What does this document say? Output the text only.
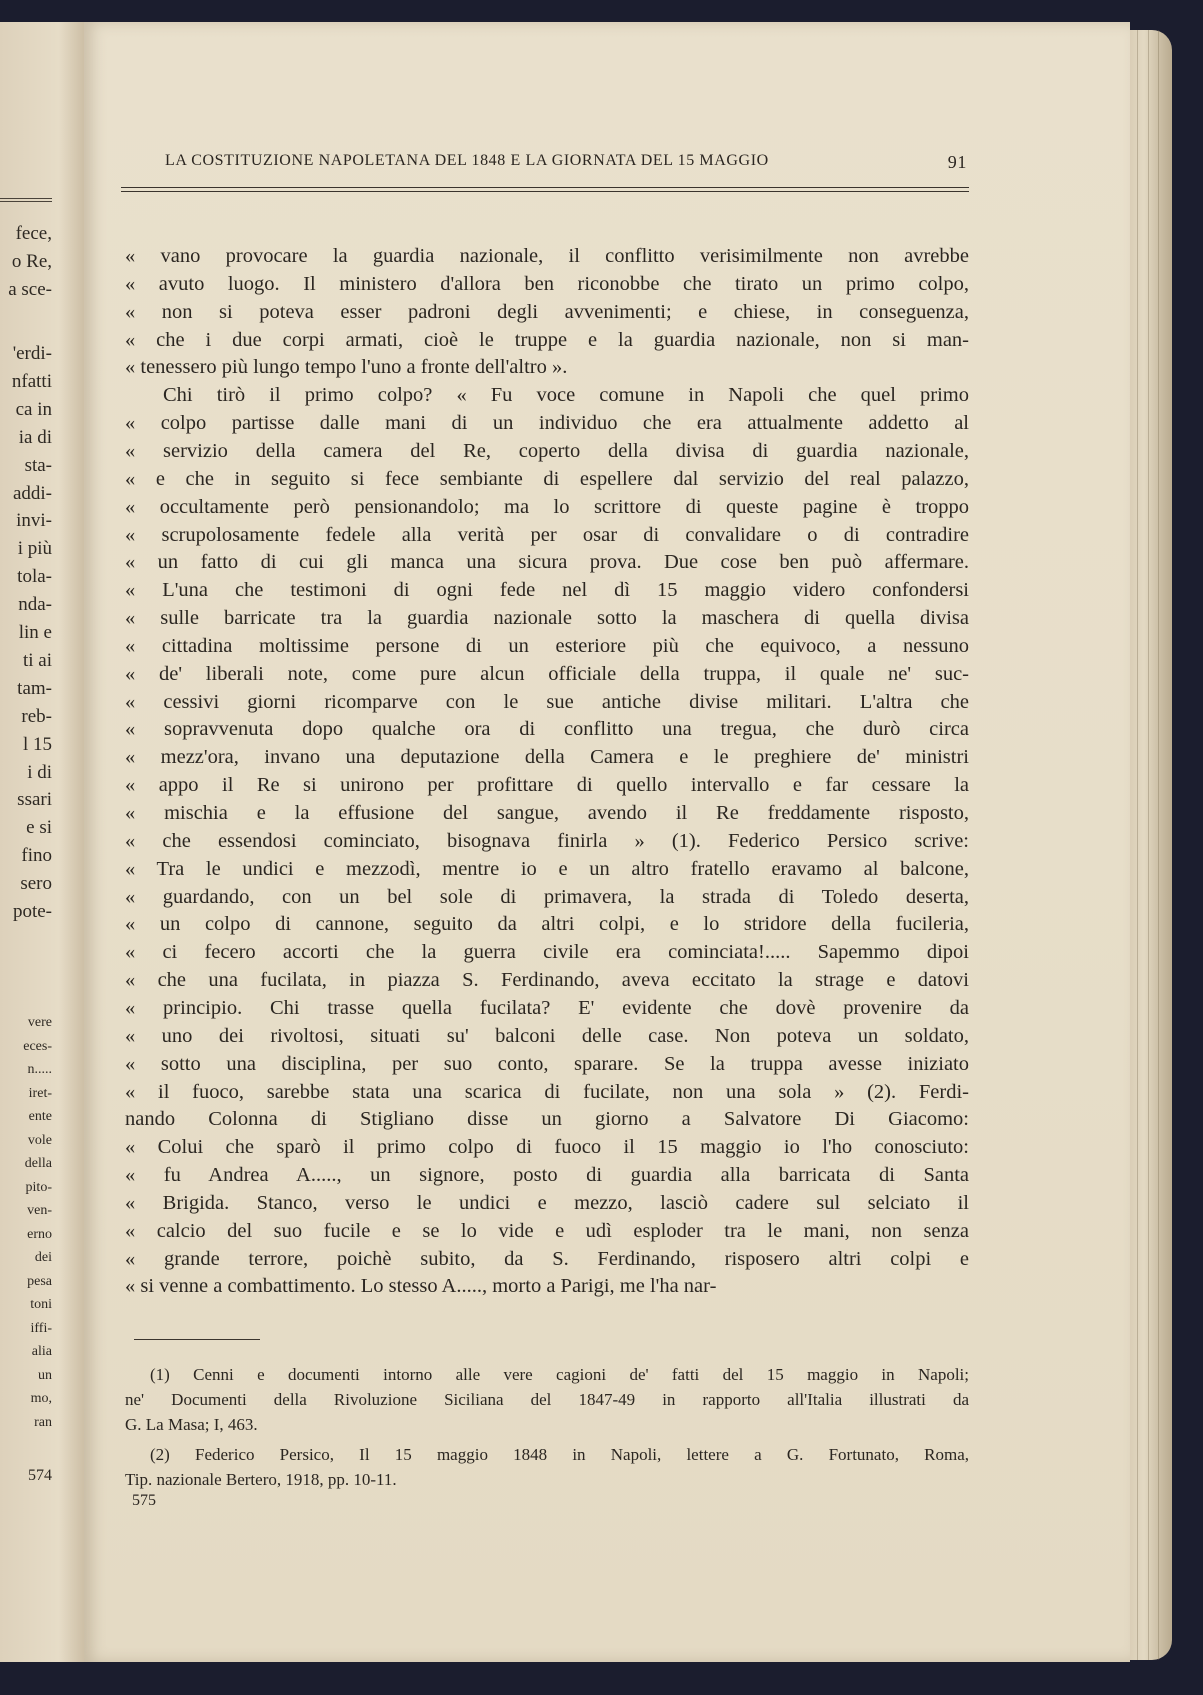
fece,
o Re,
a sce-
'erdi-
nfatti
ca in
ia di
sta-
addi-
invi-
i più
tola-
nda-
lin e
ti ai
tam-
reb-
l 15
i di
ssari
e si
fino
sero
pote-
vere
eces-
n.....
iret-
ente
vole
della
pito-
ven-
erno
dei
pesa
toni
iffi-
alia
un
mo,
ran
574
LA COSTITUZIONE NAPOLETANA DEL 1848 E LA GIORNATA DEL 15 MAGGIO	91
« vano provocare la guardia nazionale, il conflitto verisimilmente non avrebbe
« avuto luogo. Il ministero d'allora ben riconobbe che tirato un primo colpo,
« non si poteva esser padroni degli avvenimenti; e chiese, in conseguenza,
« che i due corpi armati, cioè le truppe e la guardia nazionale, non si man-
« tenessero più lungo tempo l'uno a fronte dell'altro ».
Chi tirò il primo colpo? « Fu voce comune in Napoli che quel primo
« colpo partisse dalle mani di un individuo che era attualmente addetto al
« servizio della camera del Re, coperto della divisa di guardia nazionale,
« e che in seguito si fece sembiante di espellere dal servizio del real palazzo,
« occultamente però pensionandolo; ma lo scrittore di queste pagine è troppo
« scrupolosamente fedele alla verità per osar di convalidare o di contradire
« un fatto di cui gli manca una sicura prova. Due cose ben può affermare.
« L'una che testimoni di ogni fede nel dì 15 maggio videro confondersi
« sulle barricate tra la guardia nazionale sotto la maschera di quella divisa
« cittadina moltissime persone di un esteriore più che equivoco, a nessuno
« de' liberali note, come pure alcun officiale della truppa, il quale ne' suc-
« cessivi giorni ricomparve con le sue antiche divise militari. L'altra che
« sopravvenuta dopo qualche ora di conflitto una tregua, che durò circa
« mezz'ora, invano una deputazione della Camera e le preghiere de' ministri
« appo il Re si unirono per profittare di quello intervallo e far cessare la
« mischia e la effusione del sangue, avendo il Re freddamente risposto,
« che essendosi cominciato, bisognava finirla » (1). Federico Persico scrive:
« Tra le undici e mezzodì, mentre io e un altro fratello eravamo al balcone,
« guardando, con un bel sole di primavera, la strada di Toledo deserta,
« un colpo di cannone, seguito da altri colpi, e lo stridore della fucileria,
« ci fecero accorti che la guerra civile era cominciata!..... Sapemmo dipoi
« che una fucilata, in piazza S. Ferdinando, aveva eccitato la strage e datovi
« principio. Chi trasse quella fucilata? E' evidente che dovè provenire da
« uno dei rivoltosi, situati su' balconi delle case. Non poteva un soldato,
« sotto una disciplina, per suo conto, sparare. Se la truppa avesse iniziato
« il fuoco, sarebbe stata una scarica di fucilate, non una sola » (2). Ferdi-
nando Colonna di Stigliano disse un giorno a Salvatore Di Giacomo:
« Colui che sparò il primo colpo di fuoco il 15 maggio io l'ho conosciuto:
« fu Andrea A....., un signore, posto di guardia alla barricata di Santa
« Brigida. Stanco, verso le undici e mezzo, lasciò cadere sul selciato il
« calcio del suo fucile e se lo vide e udì esploder tra le mani, non senza
« grande terrore, poichè subito, da S. Ferdinando, risposero altri colpi e
« si venne a combattimento. Lo stesso A....., morto a Parigi, me l'ha nar-
(1) Cenni e documenti intorno alle vere cagioni de' fatti del 15 maggio in Napoli;
ne' Documenti della Rivoluzione Siciliana del 1847-49 in rapporto all'Italia illustrati da
G. La Masa; I, 463.
(2) Federico Persico, Il 15 maggio 1848 in Napoli, lettere a G. Fortunato, Roma,
Tip. nazionale Bertero, 1918, pp. 10-11.
575
